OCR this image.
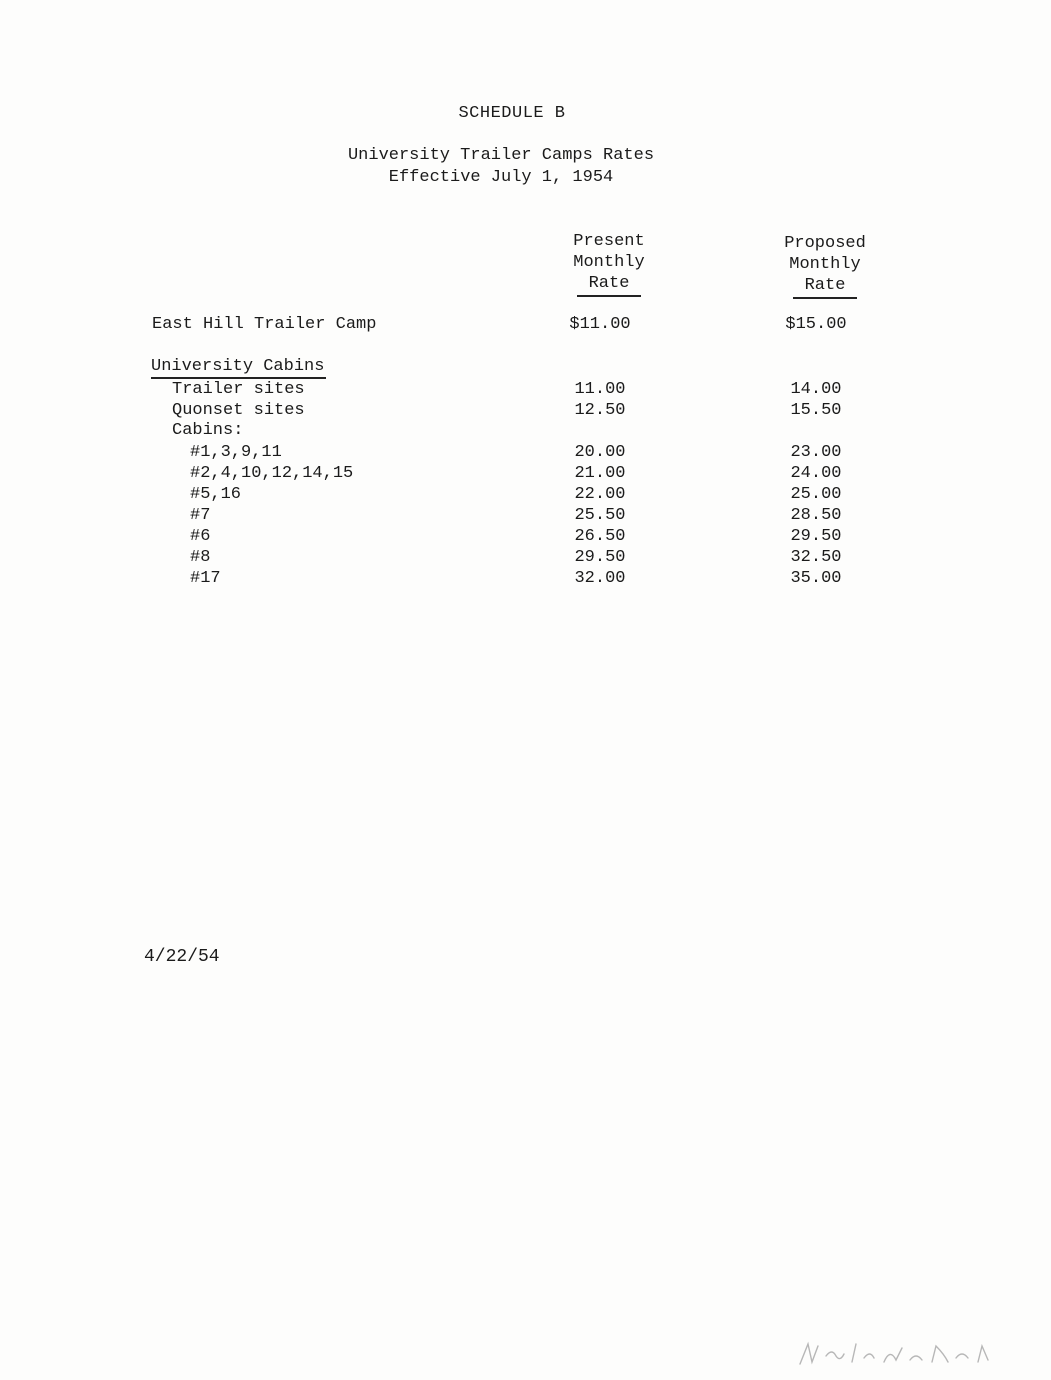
SCHEDULE B
University Trailer Camps Rates
Effective July 1, 1954
Present
Monthly
Rate
Proposed
Monthly
Rate
East Hill Trailer Camp	$11.00	$15.00
University Cabins
Trailer sites	11.00	14.00
Quonset sites	12.50	15.50
Cabins:
#1,3,9,11	20.00	23.00
#2,4,10,12,14,15	21.00	24.00
#5,16	22.00	25.00
#7	25.50	28.50
#6	26.50	29.50
#8	29.50	32.50
#17	32.00	35.00
4/22/54
